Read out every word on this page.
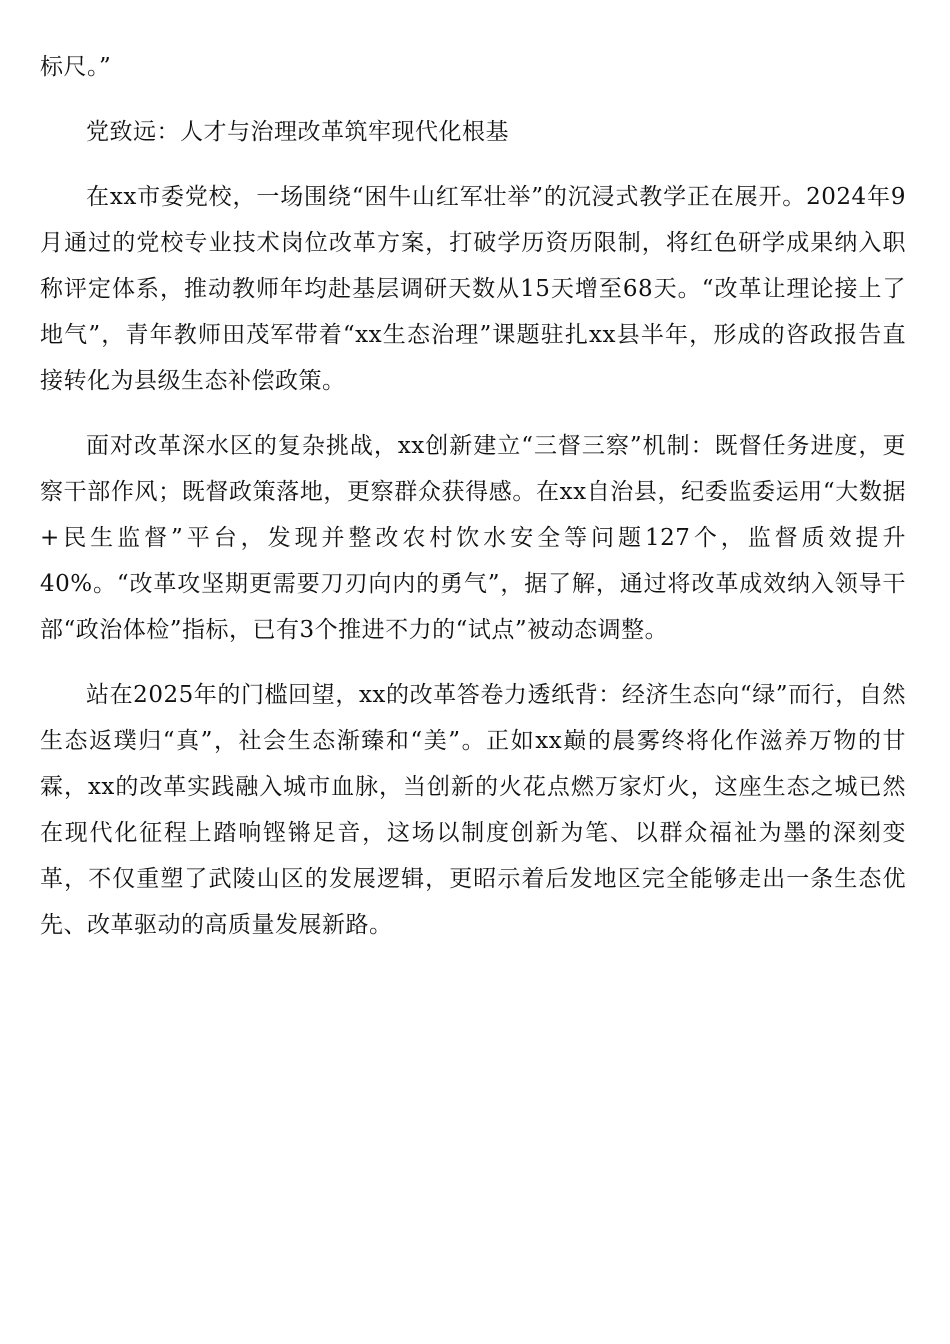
标尺。”

党致远：人才与治理改革筑牢现代化根基

在xx市委党校，一场围绕“困牛山红军壮举”的沉浸式教学正在展开。2024年9月通过的党校专业技术岗位改革方案，打破学历资历限制，将红色研学成果纳入职称评定体系，推动教师年均赴基层调研天数从15天增至68天。“改革让理论接上了地气”，青年教师田茂军带着“xx生态治理”课题驻扎xx县半年，形成的咨政报告直接转化为县级生态补偿政策。

面对改革深水区的复杂挑战，xx创新建立“三督三察”机制：既督任务进度，更察干部作风；既督政策落地，更察群众获得感。在xx自治县，纪委监委运用“大数据+民生监督”平台，发现并整改农村饮水安全等问题127个，监督质效提升40%。“改革攻坚期更需要刀刃向内的勇气”，据了解，通过将改革成效纳入领导干部“政治体检”指标，已有3个推进不力的“试点”被动态调整。

站在2025年的门槛回望，xx的改革答卷力透纸背：经济生态向“绿”而行，自然生态返璞归“真”，社会生态渐臻和“美”。正如xx巅的晨雾终将化作滋养万物的甘霖，xx的改革实践融入城市血脉，当创新的火花点燃万家灯火，这座生态之城已然在现代化征程上踏响铿锵足音，这场以制度创新为笔、以群众福祉为墨的深刻变革，不仅重塑了武陵山区的发展逻辑，更昭示着后发地区完全能够走出一条生态优先、改革驱动的高质量发展新路。
